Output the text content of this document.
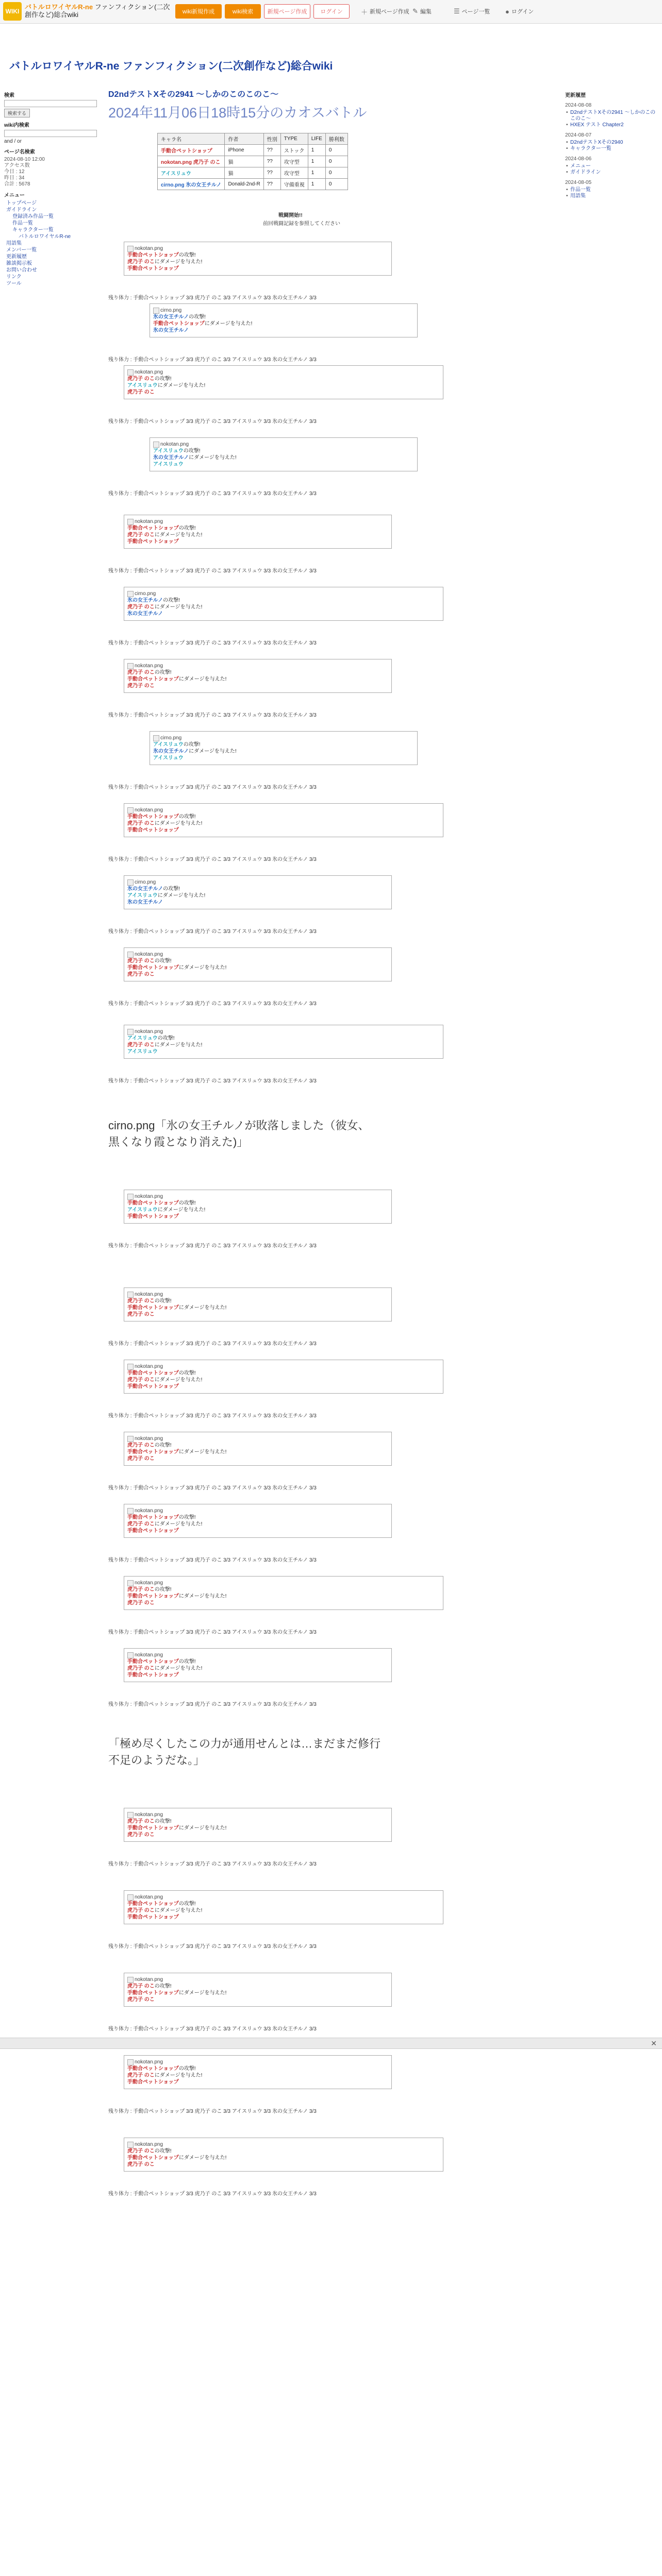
WIKI
バトルロワイヤルR-ne ファンフィクション(二次創作など)総合wiki	wiki新規作成	wiki検索	新規ページ作成	ログイン	＋ 新規ページ作成 ✎ 編集	☰ ページ一覧 ● ログイン
バトルロワイヤルR-ne ファンフィクション(二次創作など)総合wiki
検索
検索する
wiki内検索
and / or
ページ名検索
2024-08-10 12:00
アクセス数
今日 : 12
昨日 : 34
合計 : 5678
メニュー
トップページ
ガイドライン
登録済み作品一覧
作品一覧
キャラクター一覧
バトルロワイヤルR-ne
用語集
メンバー一覧
更新履歴
雑談掲示板
お問い合わせ
リンク
ツール
更新履歴
2024-08-08
• D2ndテストXその2941 〜しかのこのこのこ〜
• HXEX テスト Chapter2
2024-08-07
• D2ndテストXその2940
• キャラクター一覧
2024-08-06
• メニュー
• ガイドライン
2024-08-05
• 作品一覧
• 用語集
D2ndテストXその2941 〜しかのこのこのこ〜
2024年11月06日18時15分のカオスバトル
キャラ名	作者	性別	TYPE	LIFE	勝利数
手動合ペットショップ	iPhone	??	ストック	1	0
nokotan.png 虎乃子 のこ	猫	??	攻守型	1	0
アイスリュウ	猫	??	攻守型	1	0
cirno.png 氷の女王チルノ	Donald-2nd-R	??	守備重視	1	0
戦闘開始!!
前回戦闘記録を参照してください
nokotan.png
手動合ペットショップの攻撃!
虎乃子 のこにダメージを与えた!
手動合ペットショップ
残り体力 : 手動合ペットショップ 3/3 虎乃子 のこ 3/3 アイスリュウ 3/3 氷の女王チルノ 3/3
cirno.png
氷の女王チルノの攻撃!
手動合ペットショップにダメージを与えた!
氷の女王チルノ
残り体力 : 手動合ペットショップ 3/3 虎乃子 のこ 3/3 アイスリュウ 3/3 氷の女王チルノ 3/3
nokotan.png
虎乃子 のこの攻撃!
アイスリュウにダメージを与えた!
虎乃子 のこ
残り体力 : 手動合ペットショップ 3/3 虎乃子 のこ 3/3 アイスリュウ 3/3 氷の女王チルノ 3/3
nokotan.png
アイスリュウの攻撃!
氷の女王チルノにダメージを与えた!
アイスリュウ
残り体力 : 手動合ペットショップ 3/3 虎乃子 のこ 3/3 アイスリュウ 3/3 氷の女王チルノ 3/3
nokotan.png
手動合ペットショップの攻撃!
虎乃子 のこにダメージを与えた!
手動合ペットショップ
残り体力 : 手動合ペットショップ 3/3 虎乃子 のこ 3/3 アイスリュウ 3/3 氷の女王チルノ 3/3
cirno.png
氷の女王チルノの攻撃!
虎乃子 のこにダメージを与えた!
氷の女王チルノ
残り体力 : 手動合ペットショップ 3/3 虎乃子 のこ 3/3 アイスリュウ 3/3 氷の女王チルノ 3/3
nokotan.png
虎乃子 のこの攻撃!
手動合ペットショップにダメージを与えた!
虎乃子 のこ
残り体力 : 手動合ペットショップ 3/3 虎乃子 のこ 3/3 アイスリュウ 3/3 氷の女王チルノ 3/3
cirno.png
アイスリュウの攻撃!
氷の女王チルノにダメージを与えた!
アイスリュウ
残り体力 : 手動合ペットショップ 3/3 虎乃子 のこ 3/3 アイスリュウ 3/3 氷の女王チルノ 3/3
nokotan.png
手動合ペットショップの攻撃!
虎乃子 のこにダメージを与えた!
手動合ペットショップ
残り体力 : 手動合ペットショップ 3/3 虎乃子 のこ 3/3 アイスリュウ 3/3 氷の女王チルノ 3/3
cirno.png
氷の女王チルノの攻撃!
アイスリュウにダメージを与えた!
氷の女王チルノ
残り体力 : 手動合ペットショップ 3/3 虎乃子 のこ 3/3 アイスリュウ 3/3 氷の女王チルノ 3/3
nokotan.png
虎乃子 のこの攻撃!
手動合ペットショップにダメージを与えた!
虎乃子 のこ
残り体力 : 手動合ペットショップ 3/3 虎乃子 のこ 3/3 アイスリュウ 3/3 氷の女王チルノ 3/3
nokotan.png
アイスリュウの攻撃!
虎乃子 のこにダメージを与えた!
アイスリュウ
残り体力 : 手動合ペットショップ 3/3 虎乃子 のこ 3/3 アイスリュウ 3/3 氷の女王チルノ 3/3
nokotan.png
手動合ペットショップの攻撃!
アイスリュウにダメージを与えた!
手動合ペットショップ
残り体力 : 手動合ペットショップ 3/3 虎乃子 のこ 3/3 アイスリュウ 3/3 氷の女王チルノ 3/3
nokotan.png
虎乃子 のこの攻撃!
手動合ペットショップにダメージを与えた!
虎乃子 のこ
残り体力 : 手動合ペットショップ 3/3 虎乃子 のこ 3/3 アイスリュウ 3/3 氷の女王チルノ 3/3
nokotan.png
手動合ペットショップの攻撃!
虎乃子 のこにダメージを与えた!
手動合ペットショップ
残り体力 : 手動合ペットショップ 3/3 虎乃子 のこ 3/3 アイスリュウ 3/3 氷の女王チルノ 3/3
nokotan.png
虎乃子 のこの攻撃!
手動合ペットショップにダメージを与えた!
虎乃子 のこ
残り体力 : 手動合ペットショップ 3/3 虎乃子 のこ 3/3 アイスリュウ 3/3 氷の女王チルノ 3/3
nokotan.png
手動合ペットショップの攻撃!
虎乃子 のこにダメージを与えた!
手動合ペットショップ
残り体力 : 手動合ペットショップ 3/3 虎乃子 のこ 3/3 アイスリュウ 3/3 氷の女王チルノ 3/3
nokotan.png
虎乃子 のこの攻撃!
手動合ペットショップにダメージを与えた!
虎乃子 のこ
残り体力 : 手動合ペットショップ 3/3 虎乃子 のこ 3/3 アイスリュウ 3/3 氷の女王チルノ 3/3
nokotan.png
手動合ペットショップの攻撃!
虎乃子 のこにダメージを与えた!
手動合ペットショップ
残り体力 : 手動合ペットショップ 3/3 虎乃子 のこ 3/3 アイスリュウ 3/3 氷の女王チルノ 3/3
nokotan.png
虎乃子 のこの攻撃!
手動合ペットショップにダメージを与えた!
虎乃子 のこ
残り体力 : 手動合ペットショップ 3/3 虎乃子 のこ 3/3 アイスリュウ 3/3 氷の女王チルノ 3/3
nokotan.png
手動合ペットショップの攻撃!
虎乃子 のこにダメージを与えた!
手動合ペットショップ
残り体力 : 手動合ペットショップ 3/3 虎乃子 のこ 3/3 アイスリュウ 3/3 氷の女王チルノ 3/3
nokotan.png
虎乃子 のこの攻撃!
手動合ペットショップにダメージを与えた!
虎乃子 のこ
残り体力 : 手動合ペットショップ 3/3 虎乃子 のこ 3/3 アイスリュウ 3/3 氷の女王チルノ 3/3
nokotan.png
手動合ペットショップの攻撃!
虎乃子 のこにダメージを与えた!
手動合ペットショップ
残り体力 : 手動合ペットショップ 3/3 虎乃子 のこ 3/3 アイスリュウ 3/3 氷の女王チルノ 3/3
nokotan.png
虎乃子 のこの攻撃!
手動合ペットショップにダメージを与えた!
虎乃子 のこ
残り体力 : 手動合ペットショップ 3/3 虎乃子 のこ 3/3 アイスリュウ 3/3 氷の女王チルノ 3/3
cirno.png「氷の女王チルノが敗落しました（彼女、
黒くなり霞となり消えた)」
「極め尽くしたこの力が通用せんとは…まだまだ修行
不足のようだな。」
✕
